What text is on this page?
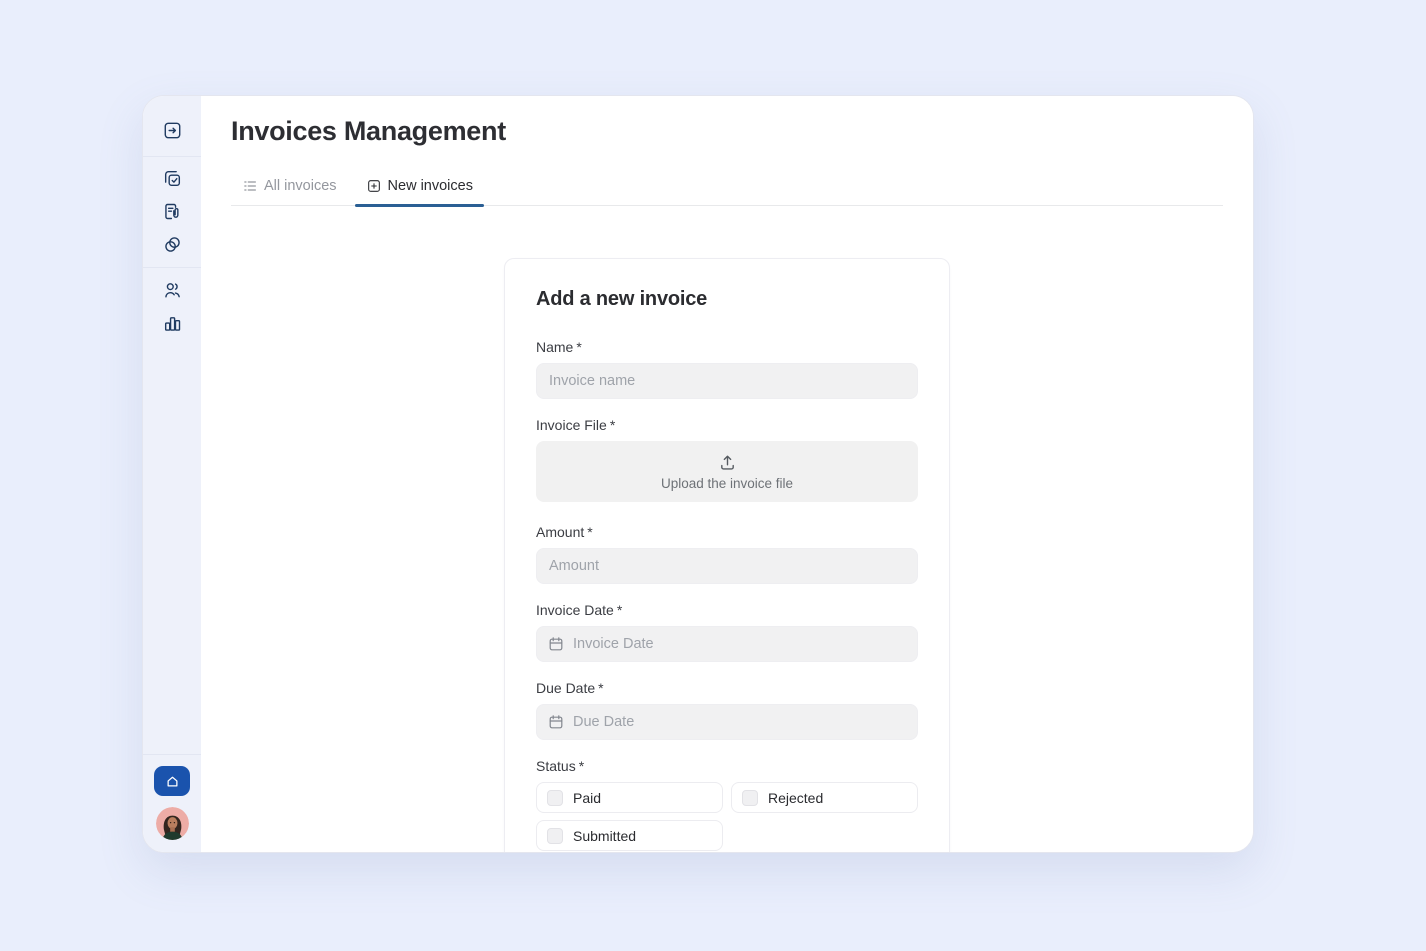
Invoices Management
All invoices	New invoices
Add a new invoice
Name *
Invoice name
Invoice File *
Upload the invoice file
Amount *
Amount
Invoice Date *
Invoice Date
Due Date *
Due Date
Status *
Paid	Rejected
Submitted
